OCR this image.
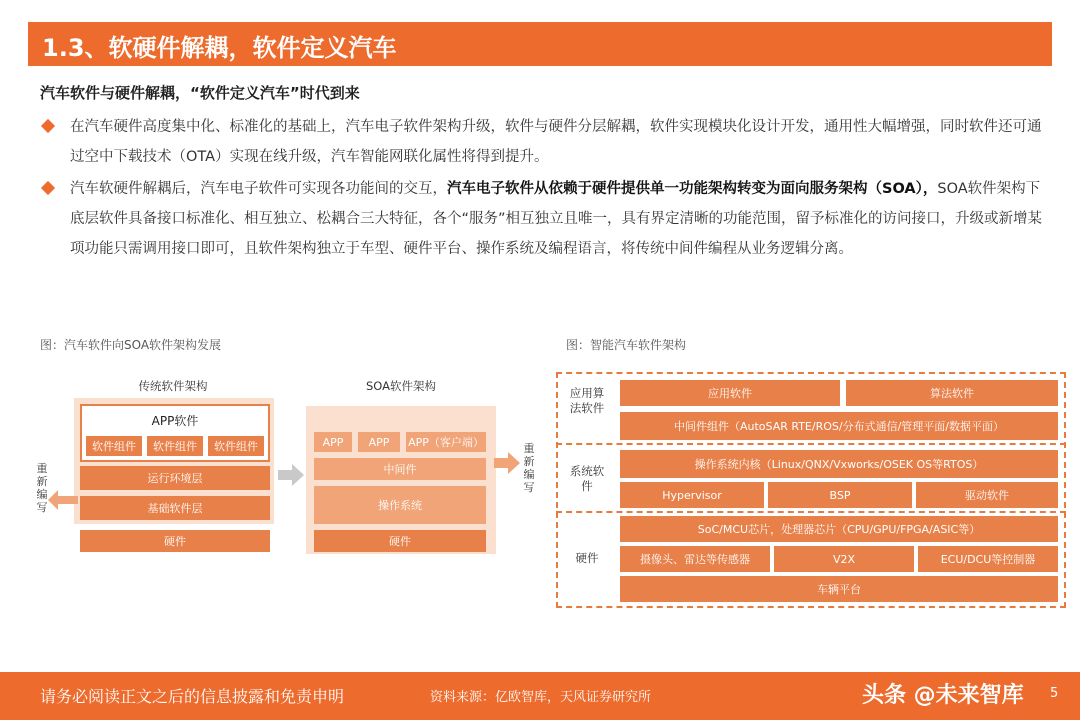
1.3、软硬件解耦，软件定义汽车
汽车软件与硬件解耦，“软件定义汽车”时代到来
在汽车硬件高度集中化、标准化的基础上，汽车电子软件架构升级，软件与硬件分层解耦，软件实现模块化设计开发，通用性大幅增强，同时软件还可通过空中下载技术（OTA）实现在线升级，汽车智能网联化属性将得到提升。
汽车软硬件解耦后，汽车电子软件可实现各功能间的交互，汽车电子软件从依赖于硬件提供单一功能架构转变为面向服务架构（SOA），SOA软件架构下底层软件具备接口标准化、相互独立、松耦合三大特征，各个“服务”相互独立且唯一，具有界定清晰的功能范围，留予标准化的访问接口，升级或新增某项功能只需调用接口即可，且软件架构独立于车型、硬件平台、操作系统及编程语言，将传统中间件编程从业务逻辑分离。
图：汽车软件向SOA软件架构发展
传统软件架构
APP软件
软件组件	软件组件	软件组件
运行环境层
基础软件层
硬件
重新编写
SOA软件架构
APP	APP	APP（客户端）
中间件
操作系统
硬件
重新编写
图：智能汽车软件架构
应用算法软件
系统软件
硬件
应用软件	算法软件
中间件组件（AutoSAR RTE/ROS/分布式通信/管理平面/数据平面）
操作系统内核（Linux/QNX/Vxworks/OSEK OS等RTOS）
Hypervisor	BSP	驱动软件
SoC/MCU芯片，处理器芯片（CPU/GPU/FPGA/ASIC等）
摄像头、雷达等传感器	V2X	ECU/DCU等控制器
车辆平台
请务必阅读正文之后的信息披露和免责申明	资料来源：亿欧智库，天风证券研究所	头条 @未来智库 5
